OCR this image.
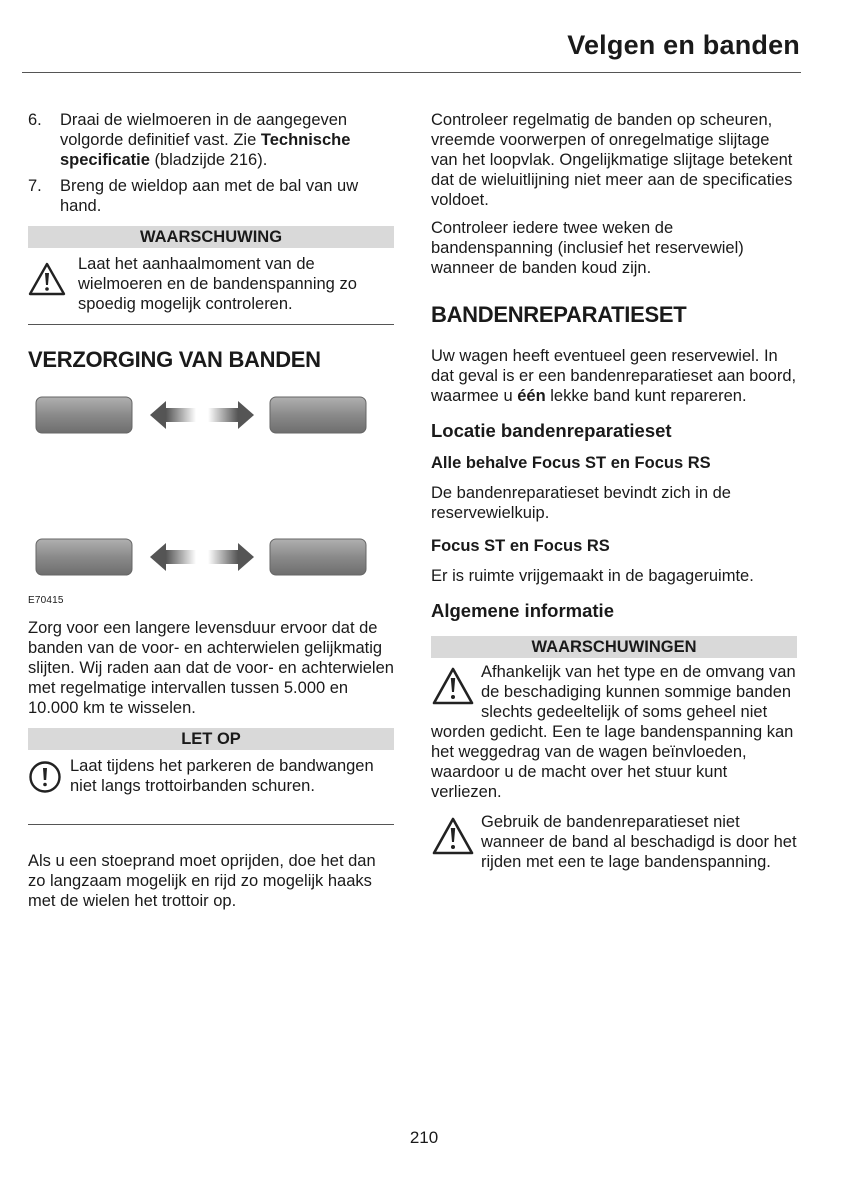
Velgen en banden
6. Draai de wielmoeren in de aangegeven volgorde definitief vast. Zie Technische specificatie (bladzijde 216).
7. Breng de wieldop aan met de bal van uw hand.
WAARSCHUWING

Laat het aanhaalmoment van de wielmoeren en de bandenspanning zo spoedig mogelijk controleren.

VERZORGING VAN BANDEN
E70415

Zorg voor een langere levensduur ervoor dat de banden van de voor- en achterwielen gelijkmatig slijten. Wij raden aan dat de voor- en achterwielen met regelmatige intervallen tussen 5.000 en 10.000 km te wisselen.

LET OP

Laat tijdens het parkeren de bandwangen niet langs trottoirbanden schuren.

Als u een stoeprand moet oprijden, doe het dan zo langzaam mogelijk en rijd zo mogelijk haaks met de wielen het trottoir op.

Controleer regelmatig de banden op scheuren, vreemde voorwerpen of onregelmatige slijtage van het loopvlak. Ongelijkmatige slijtage betekent dat de wieluitlijning niet meer aan de specificaties voldoet.

Controleer iedere twee weken de bandenspanning (inclusief het reservewiel) wanneer de banden koud zijn.

BANDENREPARATIESET

Uw wagen heeft eventueel geen reservewiel. In dat geval is er een bandenreparatieset aan boord, waarmee u één lekke band kunt repareren.

Locatie bandenreparatieset
Alle behalve Focus ST en Focus RS

De bandenreparatieset bevindt zich in de reservewielkuip.

Focus ST en Focus RS

Er is ruimte vrijgemaakt in de bagageruimte.

Algemene informatie
WAARSCHUWINGEN

Afhankelijk van het type en de omvang van de beschadiging kunnen sommige banden slechts gedeeltelijk of soms geheel niet worden gedicht. Een te lage bandenspanning kan het weggedrag van de wagen beïnvloeden, waardoor u de macht over het stuur kunt verliezen.

Gebruik de bandenreparatieset niet wanneer de band al beschadigd is door het rijden met een te lage bandenspanning.

210
